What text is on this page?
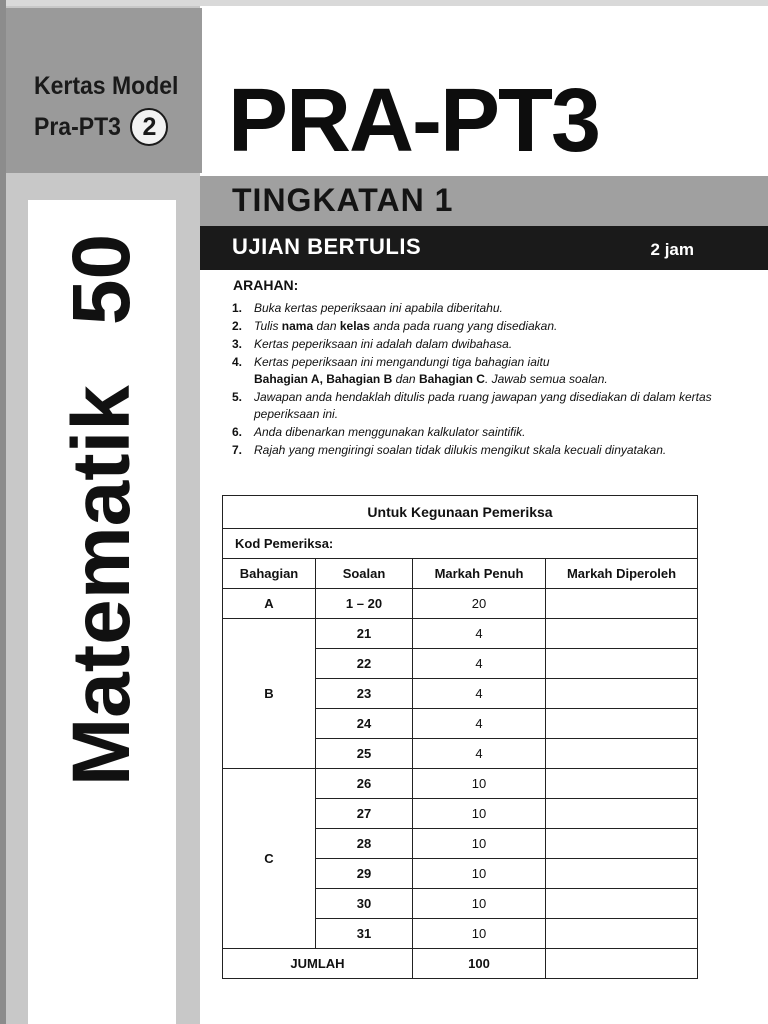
Kertas Model
Pra-PT3 2 PRA-PT3
TINGKATAN 1
UJIAN BERTULIS	2 jam
Matematik
50	ARAHAN:
1. Buka kertas peperiksaan ini apabila diberitahu.
2. Tulis nama dan kelas anda pada ruang yang disediakan.
3. Kertas peperiksaan ini adalah dalam dwibahasa.
4. Kertas peperiksaan ini mengandungi tiga bahagian iaitu
Bahagian A, Bahagian B dan Bahagian C. Jawab semua soalan.
5. Jawapan anda hendaklah ditulis pada ruang jawapan yang disediakan di dalam kertas peperiksaan ini.
6. Anda dibenarkan menggunakan kalkulator saintifik.
7. Rajah yang mengiringi soalan tidak dilukis mengikut skala kecuali dinyatakan.
Untuk Kegunaan Pemeriksa			
Kod Pemeriksa:			
Bahagian	Soalan	Markah Penuh	Markah Diperoleh
A	1 – 20	20	
B	21	4	
	22	4	
	23	4	
	24	4	
	25	4	
C	26	10	
	27	10	
	28	10	
	29	10	
	30	10	
	31	10	
JUMLAH		100	
